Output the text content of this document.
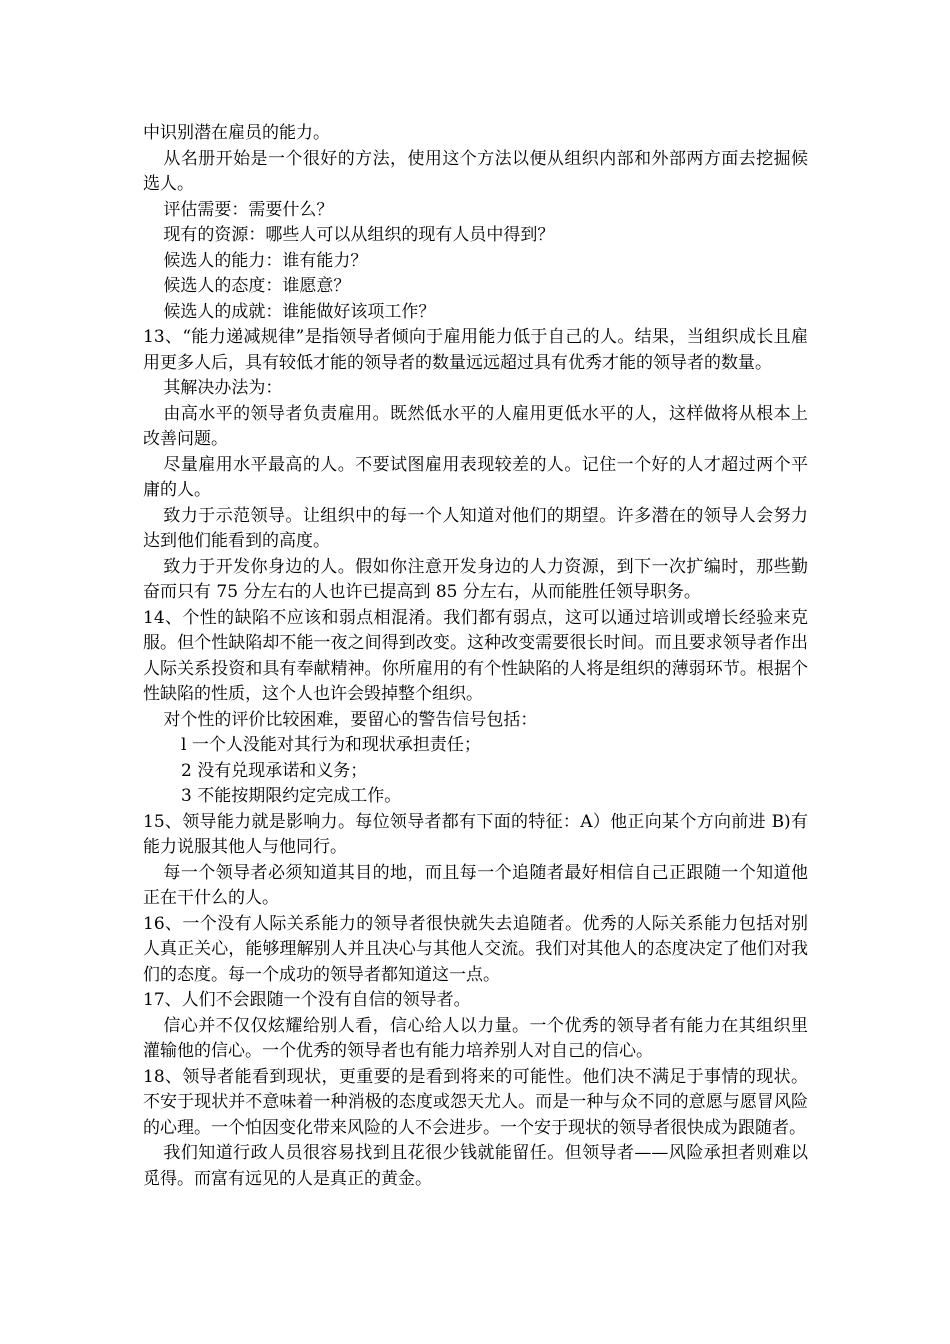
中识别潜在雇员的能力。

从名册开始是一个很好的方法，使用这个方法以便从组织内部和外部两方面去挖掘候选人。

评估需要：需要什么？

现有的资源：哪些人可以从组织的现有人员中得到？

候选人的能力：谁有能力？

候选人的态度：谁愿意？

候选人的成就：谁能做好该项工作？

13、“能力递减规律”是指领导者倾向于雇用能力低于自己的人。结果，当组织成长且雇用更多人后，具有较低才能的领导者的数量远远超过具有优秀才能的领导者的数量。

其解决办法为：

由高水平的领导者负责雇用。既然低水平的人雇用更低水平的人，这样做将从根本上改善问题。

尽量雇用水平最高的人。不要试图雇用表现较差的人。记住一个好的人才超过两个平庸的人。

致力于示范领导。让组织中的每一个人知道对他们的期望。许多潜在的领导人会努力达到他们能看到的高度。

致力于开发你身边的人。假如你注意开发身边的人力资源，到下一次扩编时，那些勤奋而只有 75 分左右的人也许已提高到 85 分左右，从而能胜任领导职务。

14、个性的缺陷不应该和弱点相混淆。我们都有弱点，这可以通过培训或增长经验来克服。但个性缺陷却不能一夜之间得到改变。这种改变需要很长时间。而且要求领导者作出人际关系投资和具有奉献精神。你所雇用的有个性缺陷的人将是组织的薄弱环节。根据个性缺陷的性质，这个人也许会毁掉整个组织。

对个性的评价比较困难，要留心的警告信号包括：

l 一个人没能对其行为和现状承担责任；

2 没有兑现承诺和义务；

3 不能按期限约定完成工作。

15、领导能力就是影响力。每位领导者都有下面的特征：A）他正向某个方向前进 B)有能力说服其他人与他同行。

每一个领导者必须知道其目的地，而且每一个追随者最好相信自己正跟随一个知道他正在干什么的人。

16、一个没有人际关系能力的领导者很快就失去追随者。优秀的人际关系能力包括对别人真正关心，能够理解别人并且决心与其他人交流。我们对其他人的态度决定了他们对我们的态度。每一个成功的领导者都知道这一点。

17、人们不会跟随一个没有自信的领导者。

信心并不仅仅炫耀给别人看，信心给人以力量。一个优秀的领导者有能力在其组织里灌输他的信心。一个优秀的领导者也有能力培养别人对自己的信心。

18、领导者能看到现状，更重要的是看到将来的可能性。他们决不满足于事情的现状。不安于现状并不意味着一种消极的态度或怨天尤人。而是一种与众不同的意愿与愿冒风险的心理。一个怕因变化带来风险的人不会进步。一个安于现状的领导者很快成为跟随者。

我们知道行政人员很容易找到且花很少钱就能留任。但领导者——风险承担者则难以觅得。而富有远见的人是真正的黄金。
